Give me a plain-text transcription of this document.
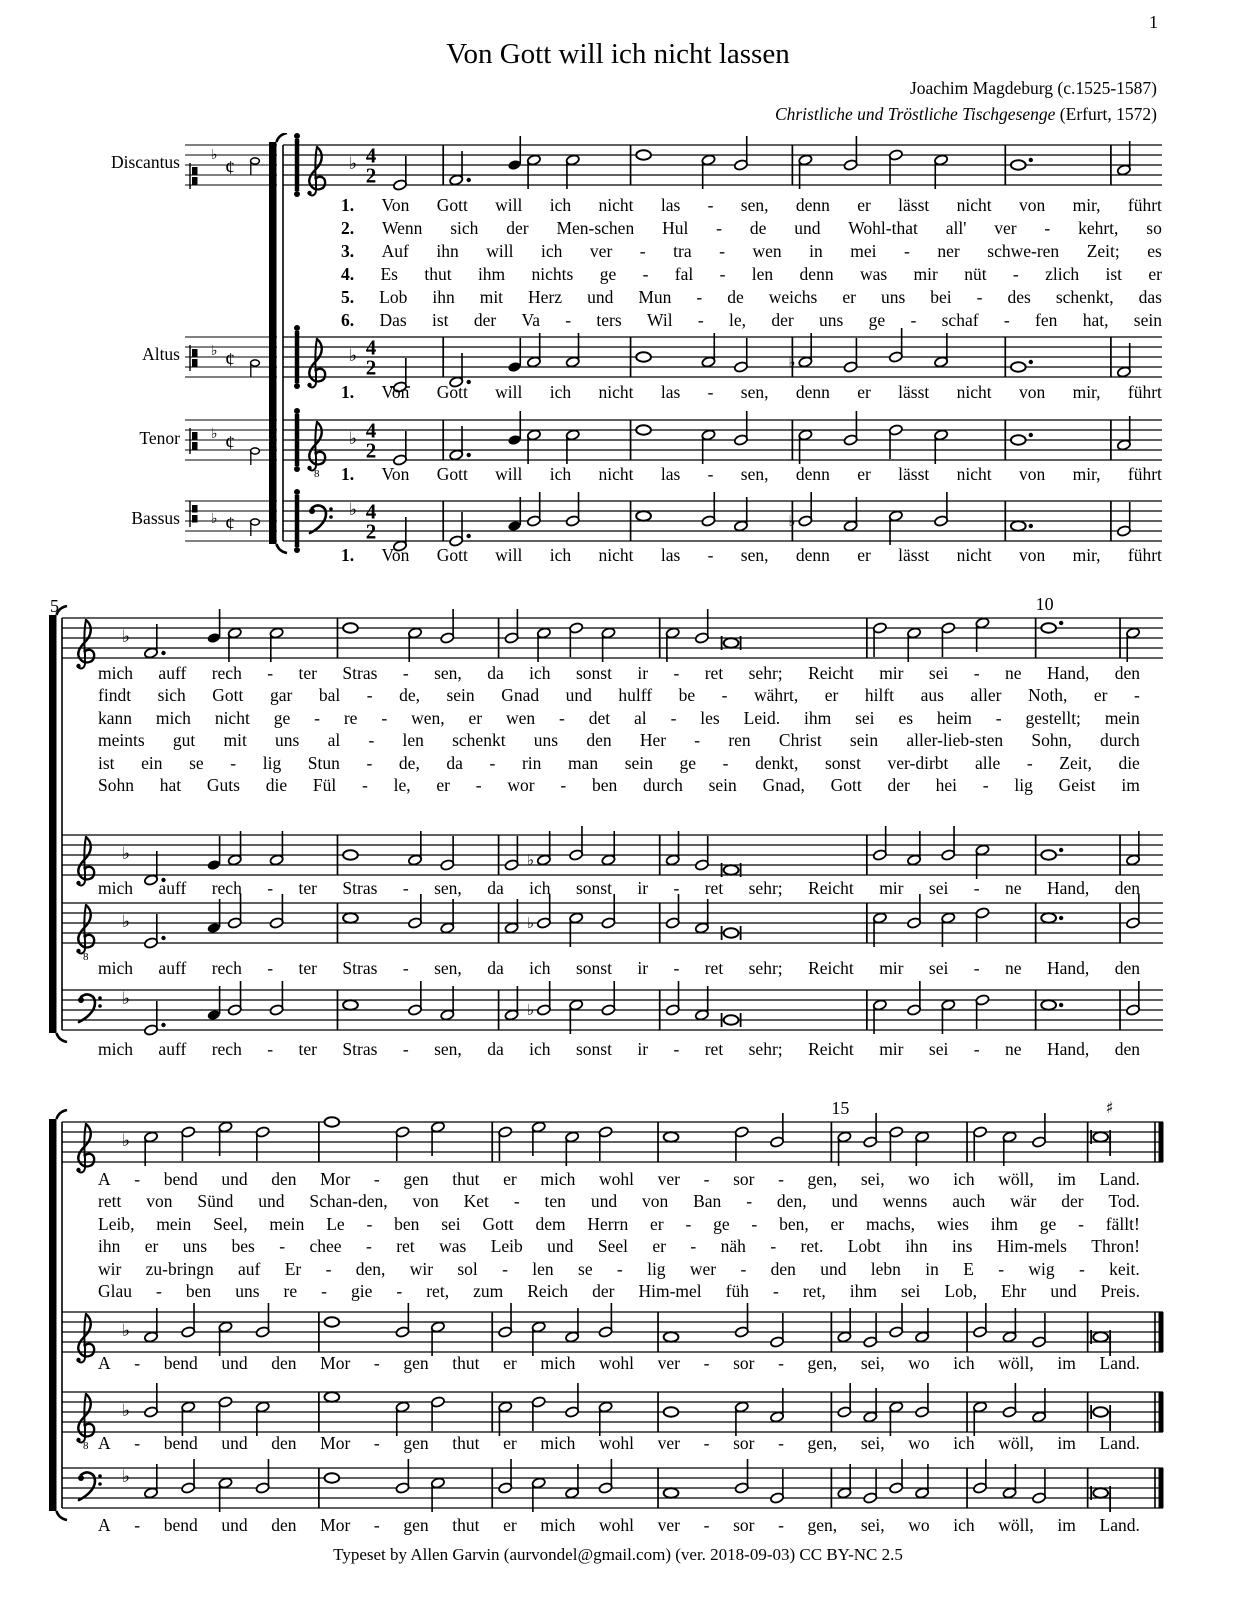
1
Von Gott will ich nicht lassen
Joachim Magdeburg (c.1525-1587)
Christliche und Tröstliche Tischgesenge (Erfurt, 1572)
Discantus
Altus
Tenor
Bassus
♭
¢	♭ 4
2
♭ ¢	♭ 4
2	♭
♭ ¢
8
♭ 4
2
♭ ¢
♭ 4
2	♭
♭
♭	♭
8
♭	♭
♭
♭
5	10
♭
♭
8
♭
♭
15	♯
1. Von Gott will ich nicht las - sen, denn er lässt nicht von mir, führt
2. Wenn sich der Men-schen Hul - de und Wohl-that all' ver - kehrt, so
3. Auf ihn will ich ver - tra - wen in mei - ner schwe-ren Zeit; es
4. Es thut ihm nichts ge - fal - len denn was mir nüt - zlich ist er
5. Lob ihn mit Herz und Mun - de weichs er uns bei - des schenkt, das
6. Das ist der Va - ters Wil - le, der uns ge - schaf - fen hat, sein
1. Von Gott will ich nicht las - sen, denn er lässt nicht von mir, führt
1. Von Gott will ich nicht las - sen, denn er lässt nicht von mir, führt
1. Von Gott will ich nicht las - sen, denn er lässt nicht von mir, führt
mich auff rech - ter Stras - sen, da ich sonst ir - ret sehr; Reicht mir sei - ne Hand, den
findt sich Gott gar bal - de, sein Gnad und hulff be - währt, er hilft aus aller Noth, er -
kann mich nicht ge - re - wen, er wen - det al - les Leid. ihm sei es heim - gestellt; mein
meints gut mit uns al - len schenkt uns den Her - ren Christ sein aller-lieb-sten Sohn, durch
ist ein se - lig Stun - de, da - rin man sein ge - denkt, sonst ver-dirbt alle - Zeit, die
Sohn hat Guts die Fül - le, er - wor - ben durch sein Gnad, Gott der hei - lig Geist im
mich auff rech - ter Stras - sen, da ich sonst ir - ret sehr; Reicht mir sei - ne Hand, den
mich auff rech - ter Stras - sen, da ich sonst ir - ret sehr; Reicht mir sei - ne Hand, den
mich auff rech - ter Stras - sen, da ich sonst ir - ret sehr; Reicht mir sei - ne Hand, den
A - bend und den Mor - gen thut er mich wohl ver - sor - gen, sei, wo ich wöll, im Land.
rett von Sünd und Schan-den, von Ket - ten und von Ban - den, und wenns auch wär der Tod.
Leib, mein Seel, mein Le - ben sei Gott dem Herrn er - ge - ben, er machs, wies ihm ge - fällt!
ihn er uns bes - chee - ret was Leib und Seel er - näh - ret. Lobt ihn ins Him-mels Thron!
wir zu-bringn auf Er - den, wir sol - len se - lig wer - den und lebn in E - wig - keit.
Glau - ben uns re - gie - ret, zum Reich der Him-mel füh - ret, ihm sei Lob, Ehr und Preis.
A - bend und den Mor - gen thut er mich wohl ver - sor - gen, sei, wo ich wöll, im Land.
A - bend und den Mor - gen thut er mich wohl ver - sor - gen, sei, wo ich wöll, im Land.
A - bend und den Mor - gen thut er mich wohl ver - sor - gen, sei, wo ich wöll, im Land.
Typeset by Allen Garvin (aurvondel@gmail.com) (ver. 2018-09-03) CC BY-NC 2.5
